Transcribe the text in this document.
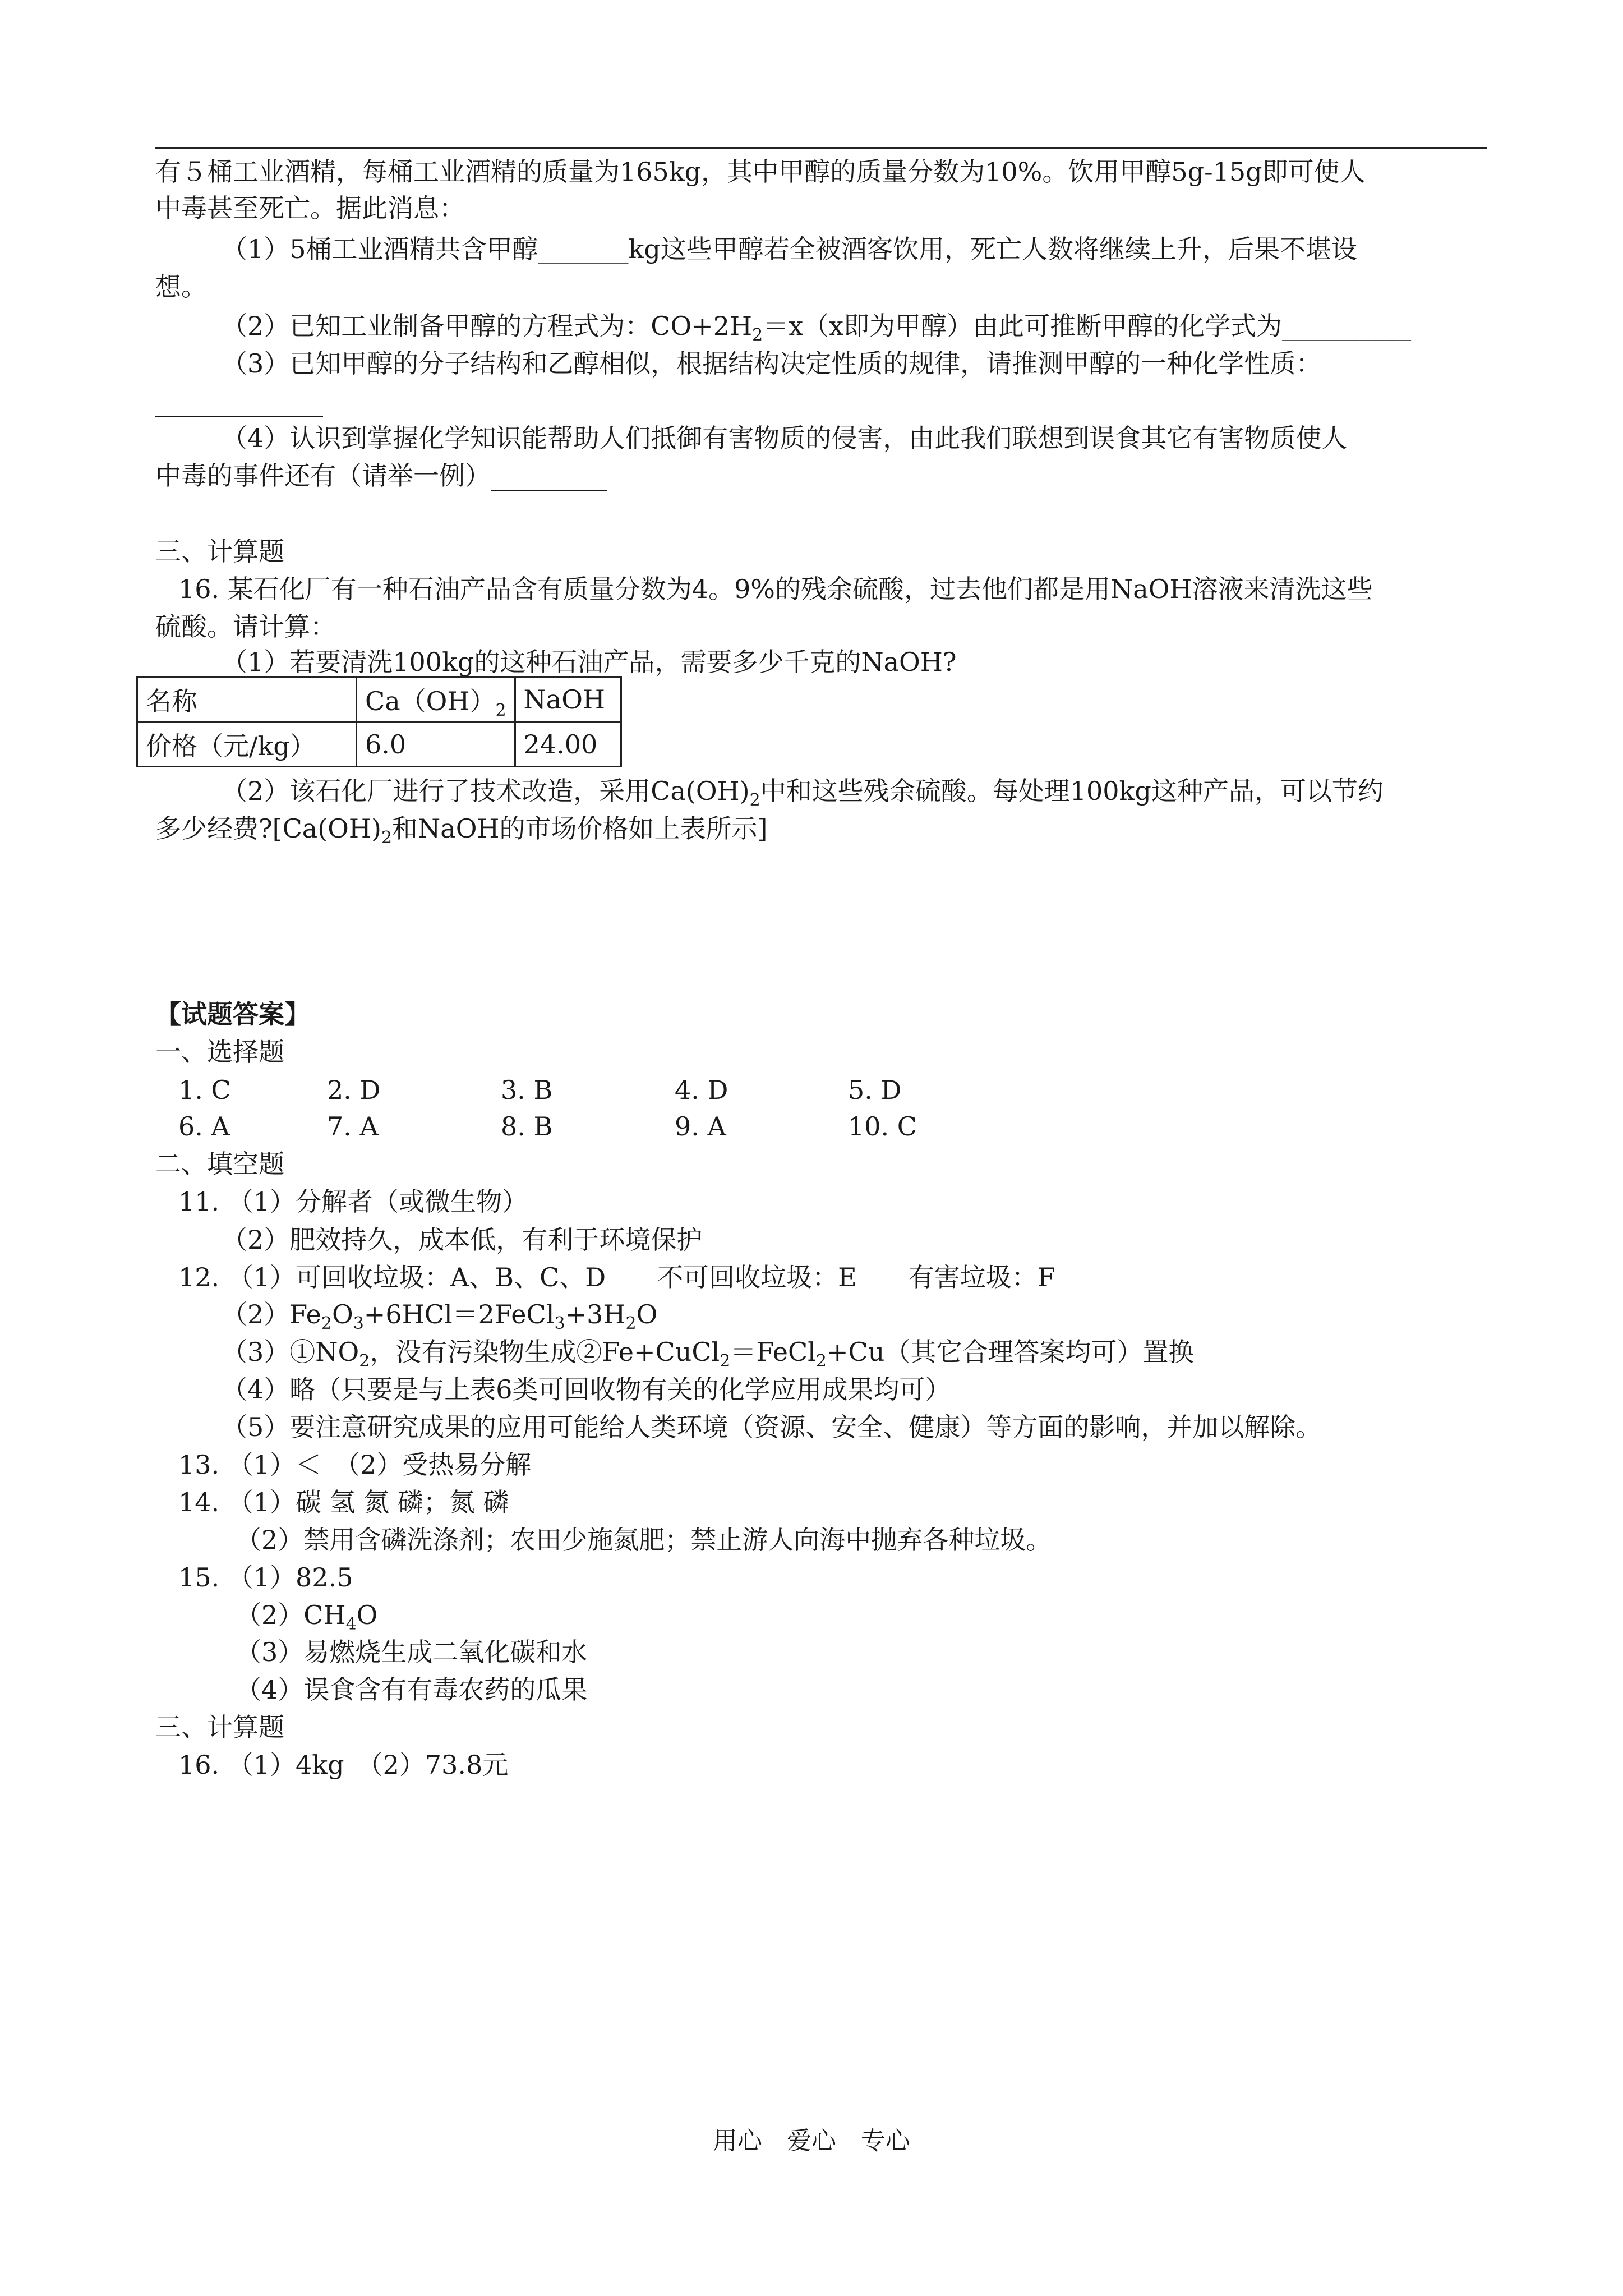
有５桶工业酒精，每桶工业酒精的质量为165kg，其中甲醇的质量分数为10%。饮用甲醇5g-15g即可使人
中毒甚至死亡。据此消息：
（1）5桶工业酒精共含甲醇_______kg这些甲醇若全被酒客饮用，死亡人数将继续上升，后果不堪设
想。
（2）已知工业制备甲醇的方程式为：$CO+2H_2=x(x$即为甲醇）由此可推断甲醇的化学式为__________
（3）已知甲醇的分子结构和乙醇相似，根据结构决定性质的规律，请推测甲醇的一种化学性质：
_____________
（4）认识到掌握化学知识能帮助人们抵御有害物质的侵害，由此我们联想到误食其它有害物质使人
中毒的事件还有（请举一例）_________
三、计算题
16. 某石化厂有一种石油产品含有质量分数为4。9%的残余硫酸，过去他们都是用NaOH溶液来清洗这些
硫酸。请计算：
（1）若要清洗100kg的这种石油产品，需要多少千克的NaOH?
名称	$Ca(OH)_2$	NaOH
价格（元/kg）	6.0	24.00
（2）该石化厂进行了技术改造，采用$Ca(OH)_2$中和这些残余硫酸。每处理100kg这种产品，可以节约
多少经费$?[Ca(OH)_2$和NaOH的市场价格如上表所示]
【试题答案】
一、选择题
1. C	2. D	3. B	4. D	5. D
6. A	7. A	8. B	9. A	10. C
二、填空题
11. （1）分解者（或微生物）
（2）肥效持久，成本低，有利于环境保护
12. （1）可回收垃圾：A、B、C、D　　不可回收垃圾：E　　有害垃圾：F
$(2)Fe_2O_3+6HCl=2FeCl_3+3H_2O$
$(3)①NO_2$，没有污染物生成②Fe+CuCl$_2$＝FeCl$_2$+Cu（其它合理答案均可）置换
（4）略（只要是与上表6类可回收物有关的化学应用成果均可）
（5）要注意研究成果的应用可能给人类环境（资源、安全、健康）等方面的影响，并加以解除。
13. （1）＜　（2）受热易分解
14. （1）碳 氢 氮 磷；氮 磷
（2）禁用含磷洗涤剂；农田少施氮肥；禁止游人向海中抛弃各种垃圾。
15. （1）82.5
$(2)CH_4O$
（3）易燃烧生成二氧化碳和水
（4）误食含有有毒农药的瓜果
三、计算题
16. （1）4kg　（2）73.8元
用心　爱心　专心
